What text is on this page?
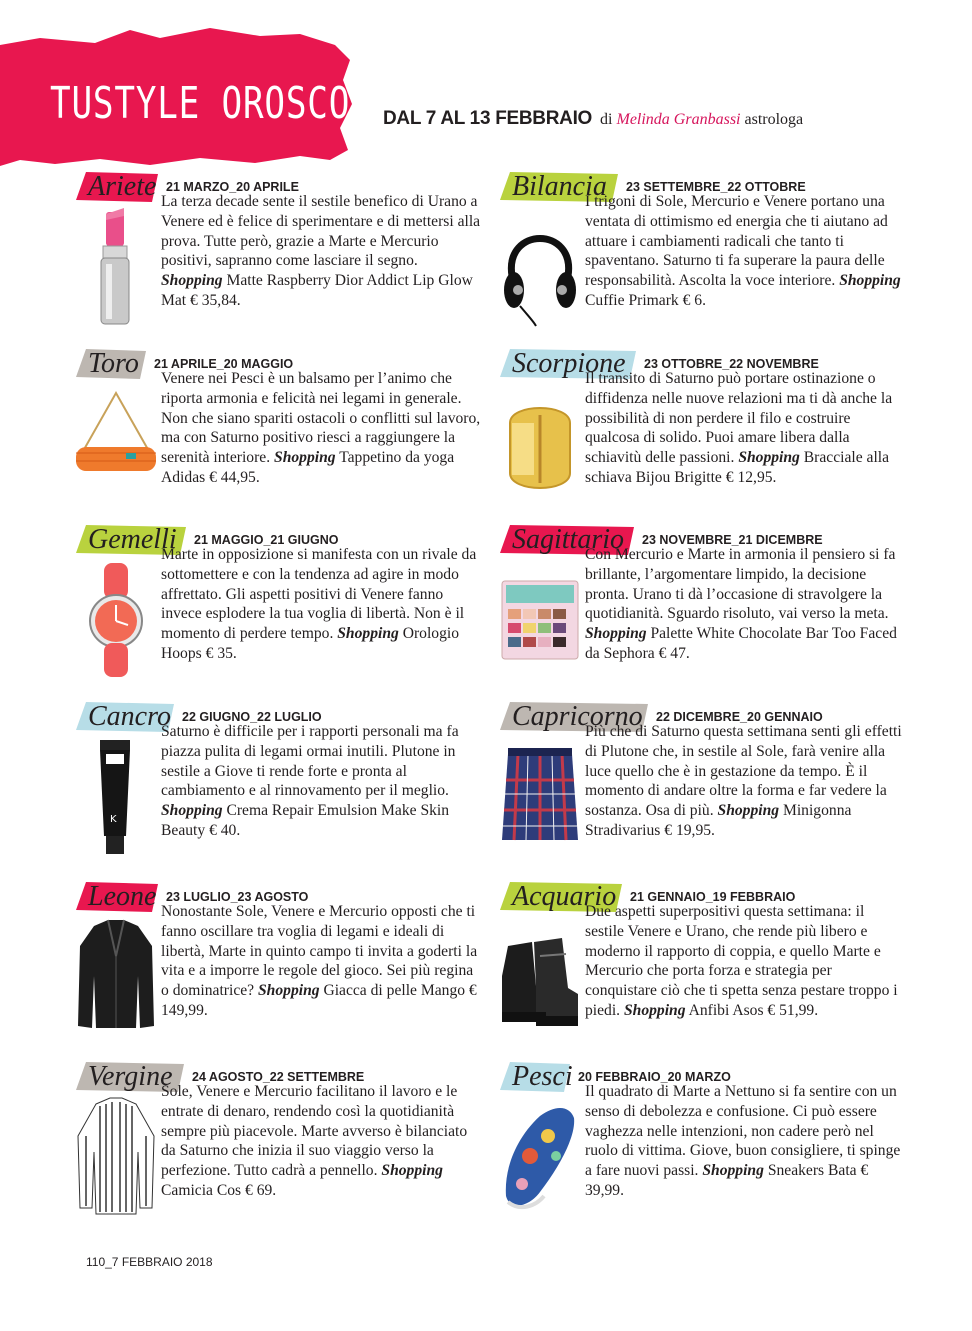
TUSTYLE OROSCOPO
DAL 7 AL 13 FEBBRAIO di Melinda Granbassi astrologa
Ariete 21 MARZO_20 APRILE
La terza decade sente il sestile benefico di Urano a Venere ed è felice di sperimentare e di mettersi alla prova. Tutte però, grazie a Marte e Mercurio positivi, sapranno come lasciare il segno. Shopping Matte Raspberry Dior Addict Lip Glow Mat € 35,84.
Toro 21 APRILE_20 MAGGIO
Venere nei Pesci è un balsamo per l’animo che riporta armonia e felicità nei legami in generale. Non che siano spariti ostacoli o conflitti sul lavoro, ma con Saturno positivo riesci a raggiungere la serenità interiore. Shopping Tappetino da yoga Adidas € 44,95.
Gemelli 21 MAGGIO_21 GIUGNO
Marte in opposizione si manifesta con un rivale da sottomettere e con la tendenza ad agire in modo affrettato. Gli aspetti positivi di Venere fanno invece esplodere la tua voglia di libertà. Non è il momento di perdere tempo. Shopping Orologio Hoops € 35.
Cancro 22 GIUGNO_22 LUGLIO
K
Saturno è difficile per i rapporti personali ma fa piazza pulita di legami ormai inutili. Plutone in sestile a Giove ti rende forte e pronta al cambiamento e al rinnovamento per il meglio. Shopping Crema Repair Emulsion Make Skin Beauty € 40.
Leone 23 LUGLIO_23 AGOSTO
Nonostante Sole, Venere e Mercurio opposti che ti fanno oscillare tra voglia di legami e ideali di libertà, Marte in quinto campo ti invita a goderti la vita e a imporre le regole del gioco. Sei più regina o dominatrice? Shopping Giacca di pelle Mango € 149,99.
Vergine 24 AGOSTO_22 SETTEMBRE
Sole, Venere e Mercurio facilitano il lavoro e le entrate di denaro, rendendo così la quotidianità sempre più piacevole. Marte avverso è bilanciato da Saturno che inizia il suo viaggio verso la perfezione. Tutto cadrà a pennello. Shopping Camicia Cos € 69.
Bilancia 23 SETTEMBRE_22 OTTOBRE
I trigoni di Sole, Mercurio e Venere portano una ventata di ottimismo ed energia che ti aiutano ad attuare i cambiamenti radicali che tanto ti spaventano. Saturno ti fa superare la paura delle responsabilità. Ascolta la voce interiore. Shopping Cuffie Primark € 6.
Scorpione 23 OTTOBRE_22 NOVEMBRE
Il transito di Saturno può portare ostinazione o diffidenza nelle nuove relazioni ma ti dà anche la possibilità di non perdere il filo e costruire qualcosa di solido. Puoi amare libera dalla schiavitù delle passioni. Shopping Bracciale alla schiava Bijou Brigitte € 12,95.
Sagittario 23 NOVEMBRE_21 DICEMBRE
Con Mercurio e Marte in armonia il pensiero si fa brillante, l’argomentare limpido, la decisione pronta. Urano ti dà l’occasione di stravolgere la quotidianità. Sguardo risoluto, vai verso la meta. Shopping Palette White Chocolate Bar Too Faced da Sephora € 47.
Capricorno 22 DICEMBRE_20 GENNAIO
Più che di Saturno questa settimana senti gli effetti di Plutone che, in sestile al Sole, farà venire alla luce quello che è in gestazione da tempo. È il momento di andare oltre la forma e far vedere la sostanza. Osa di più. Shopping Minigonna Stradivarius € 19,95.
Acquario 21 GENNAIO_19 FEBBRAIO
Due aspetti superpositivi questa settimana: il sestile Venere e Urano, che rende più libero e moderno il rapporto di coppia, e quello Marte e Mercurio che porta forza e strategia per conquistare ciò che ti spetta senza pestare troppo i piedi. Shopping Anfibi Asos € 51,99.
Pesci 20 FEBBRAIO_20 MARZO
Il quadrato di Marte a Nettuno si fa sentire con un senso di debolezza e confusione. Ci può essere vaghezza nelle intenzioni, non cadere però nel ruolo di vittima. Giove, buon consigliere, ti spinge a fare nuovi passi. Shopping Sneakers Bata € 39,99.
110_7 FEBBRAIO 2018
